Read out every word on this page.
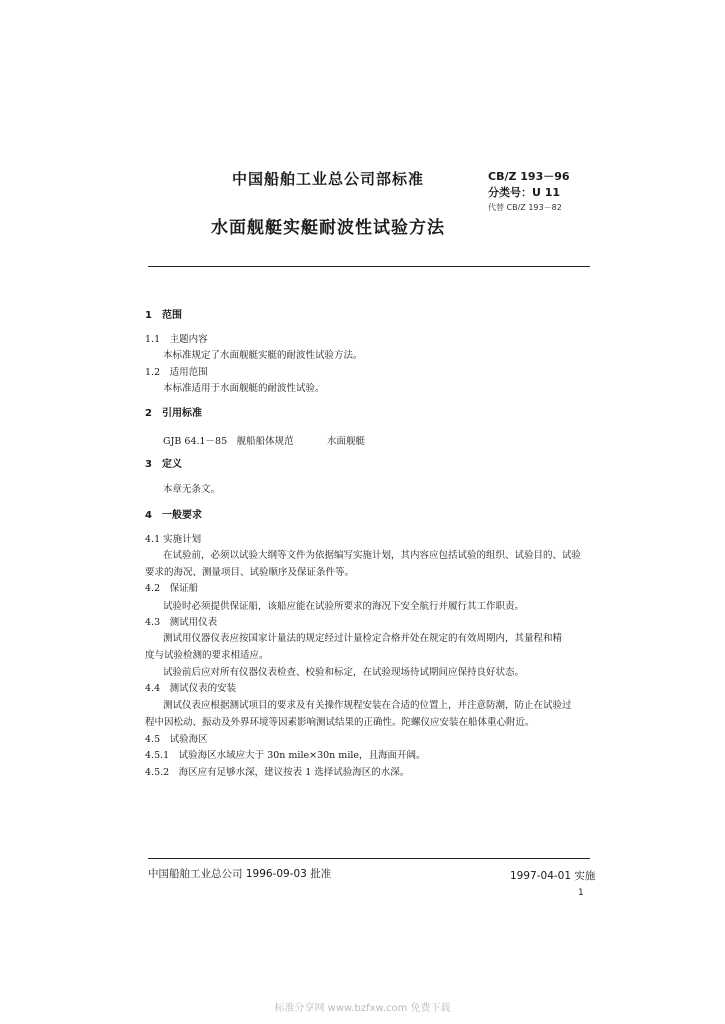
中国船舶工业总公司部标准	CB/Z 193－96
分类号：U 11
代替 CB/Z 193－82
水面舰艇实艇耐波性试验方法
1　范围
1.1　主题内容
本标准规定了水面舰艇实艇的耐波性试验方法。
1.2　适用范围
本标准适用于水面舰艇的耐波性试验。
2　引用标准
GJB 64.1－85　舰船船体规范	水面舰艇
3　定义
本章无条文。
4　一般要求
4.1 实施计划
在试验前，必须以试验大纲等文件为依据编写实施计划，其内容应包括试验的组织、试验目的、试验
要求的海况、测量项目、试验顺序及保证条件等。
4.2　保证船
试验时必须提供保证船，该船应能在试验所要求的海况下安全航行并履行其工作职责。
4.3　测试用仪表
测试用仪器仪表应按国家计量法的规定经过计量检定合格并处在规定的有效周期内，其量程和精
度与试验检测的要求相适应。
试验前后应对所有仪器仪表检查、校验和标定，在试验现场待试期间应保持良好状态。
4.4　测试仪表的安装
测试仪表应根据测试项目的要求及有关操作规程安装在合适的位置上，并注意防潮，防止在试验过
程中因松动、振动及外界环境等因素影响测试结果的正确性。陀螺仪应安装在船体重心附近。
4.5　试验海区
4.5.1　试验海区水域应大于 30n mile×30n mile，且海面开阔。
4.5.2　海区应有足够水深，建议按表 1 选择试验海区的水深。
中国船舶工业总公司 1996-09-03 批准	1997-04-01 实施
1
标准分享网 www.bzfxw.com 免费下载
